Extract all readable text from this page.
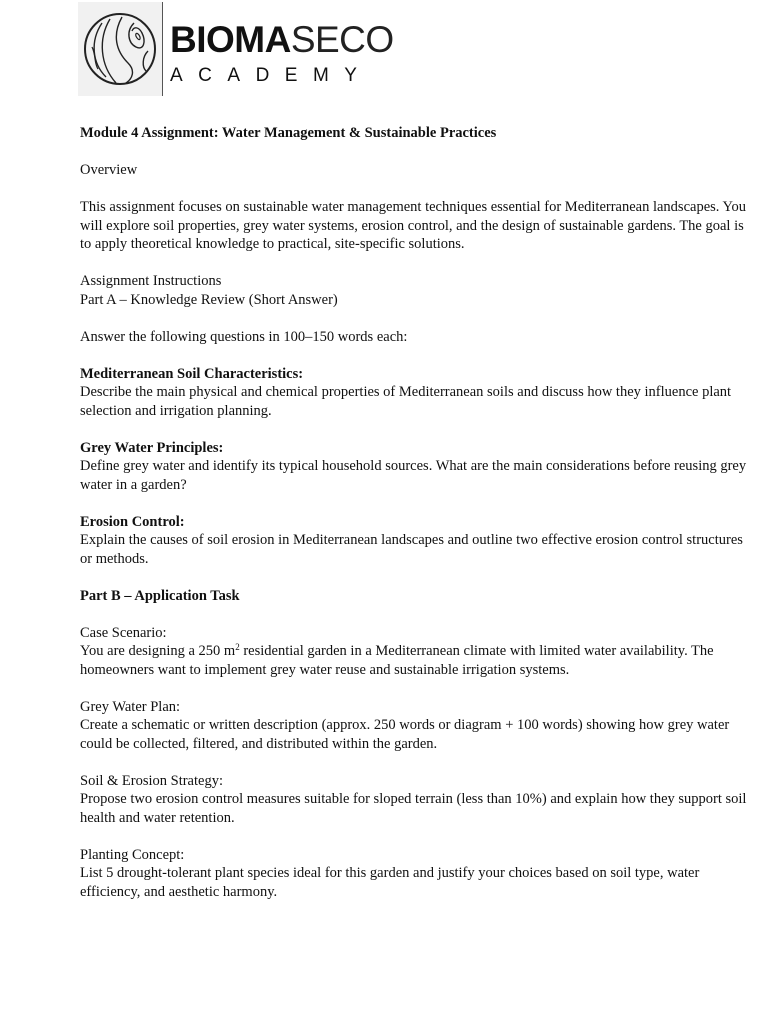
BIOMASECO
ACADEMY

Module 4 Assignment: Water Management & Sustainable Practices

Overview

This assignment focuses on sustainable water management techniques essential for Mediterranean landscapes. You will explore soil properties, grey water systems, erosion control, and the design of sustainable gardens. The goal is to apply theoretical knowledge to practical, site-specific solutions.

Assignment Instructions
Part A – Knowledge Review (Short Answer)

Answer the following questions in 100–150 words each:

Mediterranean Soil Characteristics:
Describe the main physical and chemical properties of Mediterranean soils and discuss how they influence plant selection and irrigation planning.

Grey Water Principles:
Define grey water and identify its typical household sources. What are the main considerations before reusing grey water in a garden?

Erosion Control:
Explain the causes of soil erosion in Mediterranean landscapes and outline two effective erosion control structures or methods.

Part B – Application Task

Case Scenario:
You are designing a 250 $m^2$ residential garden in a Mediterranean climate with limited water availability. The homeowners want to implement grey water reuse and sustainable irrigation systems.

Grey Water Plan:
Create a schematic or written description (approx. 250 words or diagram + 100 words) showing how grey water could be collected, filtered, and distributed within the garden.

Soil & Erosion Strategy:
Propose two erosion control measures suitable for sloped terrain (less than 10%) and explain how they support soil health and water retention.

Planting Concept:
List 5 drought-tolerant plant species ideal for this garden and justify your choices based on soil type, water efficiency, and aesthetic harmony.
